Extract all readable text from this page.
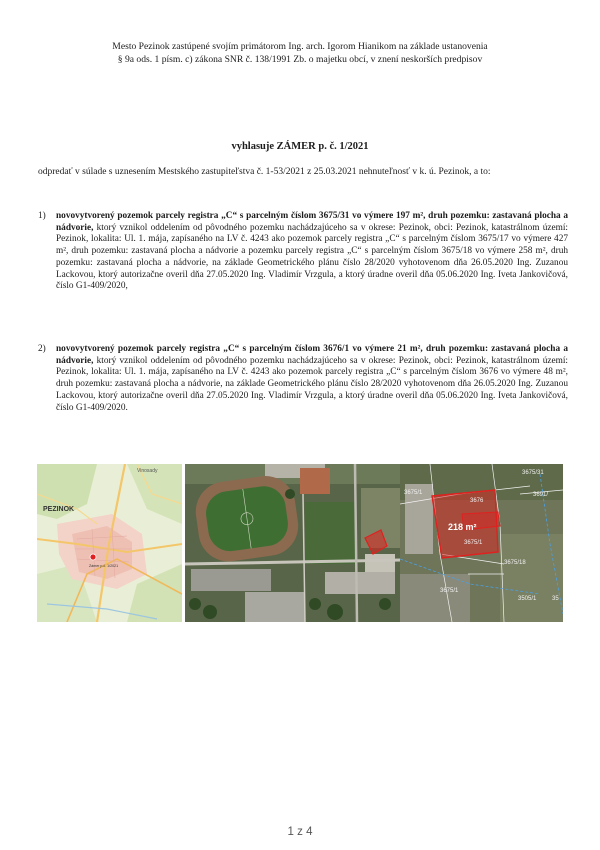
Mesto Pezinok zastúpené svojím primátorom Ing. arch. Igorom Hianikom na základe ustanovenia
§ 9a ods. 1 písm. c) zákona SNR č. 138/1991 Zb. o majetku obcí, v znení neskorších predpisov
vyhlasuje ZÁMER p. č. 1/2021
odpredať v súlade s uznesením Mestského zastupiteľstva č. 1-53/2021 z 25.03.2021 nehnuteľnosť v k. ú. Pezinok, a to:
1)	novovytvorený pozemok parcely registra „C“ s parcelným číslom 3675/31 vo výmere 197 m², druh pozemku: zastavaná plocha a nádvorie, ktorý vznikol oddelením od pôvodného pozemku nachádzajúceho sa v okrese: Pezinok, obci: Pezinok, katastrálnom území: Pezinok, lokalita: Ul. 1. mája, zapísaného na LV č. 4243 ako pozemok parcely registra „C“ s parcelným číslom 3675/17 vo výmere 427 m², druh pozemku: zastavaná plocha a nádvorie a pozemku parcely registra „C“ s parcelným číslom 3675/18 vo výmere 258 m², druh pozemku: zastavaná plocha a nádvorie, na základe Geometrického plánu číslo 28/2020 vyhotovenom dňa 26.05.2020 Ing. Zuzanou Lackovou, ktorý autorizačne overil dňa 27.05.2020 Ing. Vladimír Vrzgula, a ktorý úradne overil dňa 05.06.2020 Ing. Iveta Jankovičová, číslo G1-409/2020,
2)	novovytvorený pozemok parcely registra „C“ s parcelným číslom 3676/1 vo výmere 21 m², druh pozemku: zastavaná plocha a nádvorie, ktorý vznikol oddelením od pôvodného pozemku nachádzajúceho sa v okrese: Pezinok, obci: Pezinok, katastrálnom území: Pezinok, lokalita: Ul. 1. mája, zapísaného na LV č. 4243 ako pozemok parcely registra „C“ s parcelným číslom 3676 vo výmere 48 m², druh pozemku: zastavaná plocha a nádvorie, na základe Geometrického plánu číslo 28/2020 vyhotovenom dňa 26.05.2020 Ing. Zuzanou Lackovou, ktorý autorizačne overil dňa 27.05.2020 Ing. Vladimír Vrzgula, a ktorý úradne overil dňa 05.06.2020 Ing. Iveta Jankovičová, číslo G1-409/2020.
PEZINOK
Vinosady
Zámer p.č. 1/2021
218 m²
3675/31
3676
3691/
3675/1
3675/1
3675/18
3675/1
3505/1	35
1 z 4
